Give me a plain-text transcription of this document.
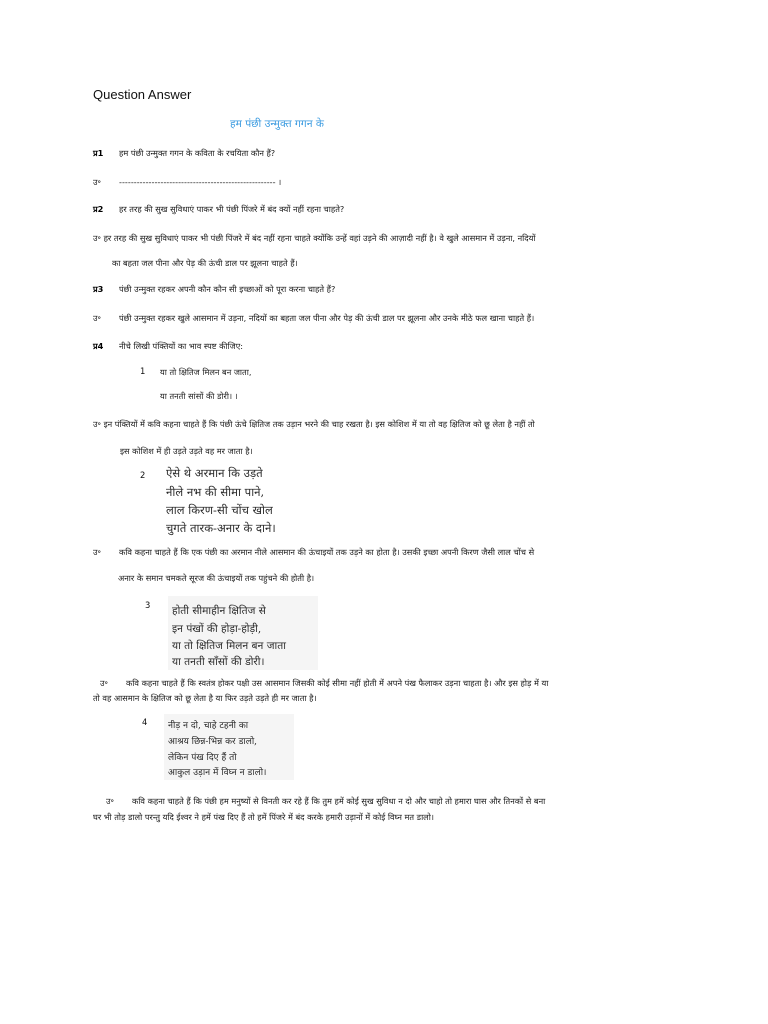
Question Answer
हम पंछी उन्मुक्त गगन के
प्र1 हम पंछी उन्मुक्त गगन के कविता के रचयिता कौन हैं?
उ॰ ----------------------------------------------------- ।
प्र2 हर तरह की सुख सुविधाएं पाकर भी पंछी पिंजरे में बंद क्यों नहीं रहना चाहते?
उ॰ हर तरह की सुख सुविधाएं पाकर भी पंछी पिंजरे में बंद नहीं रहना चाहते क्योंकि उन्हें वहां उड़ने की आज़ादी नहीं है। वे खुले आसमान में उड़ना, नदियों
का बहता जल पीना और पेड़ की ऊंची डाल पर झूलना चाहते हैं।
प्र3 पंछी उन्मुक्त रहकर अपनी कौन कौन सी इच्छाओं को पूरा करना चाहते हैं?
उ॰ पंछी उन्मुक्त रहकर खुले आसमान में उड़ना, नदियों का बहता जल पीना और पेड़ की ऊंची डाल पर झूलना और उनके मीठे फल खाना चाहते हैं।
प्र4 नीचे लिखी पंक्तियों का भाव स्पष्ट कीजिए:
1 या तो क्षितिज मिलन बन जाता,
या तनती सांसों की डोरी। ।
उ॰ इन पंक्तियों में कवि कहना चाहते हैं कि पंछी ऊंचे क्षितिज तक उड़ान भरने की चाह रखता है। इस कोशिश में या तो वह क्षितिज को छू लेता है नहीं तो
इस कोशिश में ही उड़ते उड़ते वह मर जाता है।
2 ऐसे थे अरमान कि उड़ते
नीले नभ की सीमा पाने,
लाल किरण-सी चोंच खोल
चुगते तारक-अनार के दाने।
उ॰ कवि कहना चाहते हैं कि एक पंछी का अरमान नीले आसमान की ऊंचाइयों तक उड़ने का होता है। उसकी इच्छा अपनी किरण जैसी लाल चोंच से
अनार के समान चमकते सूरज की ऊंचाइयों तक पहुंचने की होती है।
3 होती सीमाहीन क्षितिज से
इन पंखों की होड़ा-होड़ी,
या तो क्षितिज मिलन बन जाता
या तनती साँसों की डोरी।
उ॰ कवि कहना चाहते हैं कि स्वतंत्र होकर पक्षी उस आसमान जिसकी कोई सीमा नहीं होती में अपने पंख फैलाकर उड़ना चाहता है। और इस होड़ में या
तो वह आसमान के क्षितिज को छू लेता है या फिर उड़ते उड़ते ही मर जाता है।
4 नीड़ न दो, चाहे टहनी का
आश्रय छिन्न-भिन्न कर डालो,
लेकिन पंख दिए हैं तो
आकुल उड़ान में विघ्न न डालो।
उ॰ कवि कहना चाहते हैं कि पंछी हम मनुष्यों से विनती कर रहे हैं कि तुम हमें कोई सुख सुविधा न दो और चाहो तो हमारा घास और तिनकों से बना
घर भी तोड़ डालो परन्तु यदि ईश्वर ने हमें पंख दिए हैं तो हमें पिंजरे में बंद करके हमारी उड़ानों में कोई विघ्न मत डालो।
